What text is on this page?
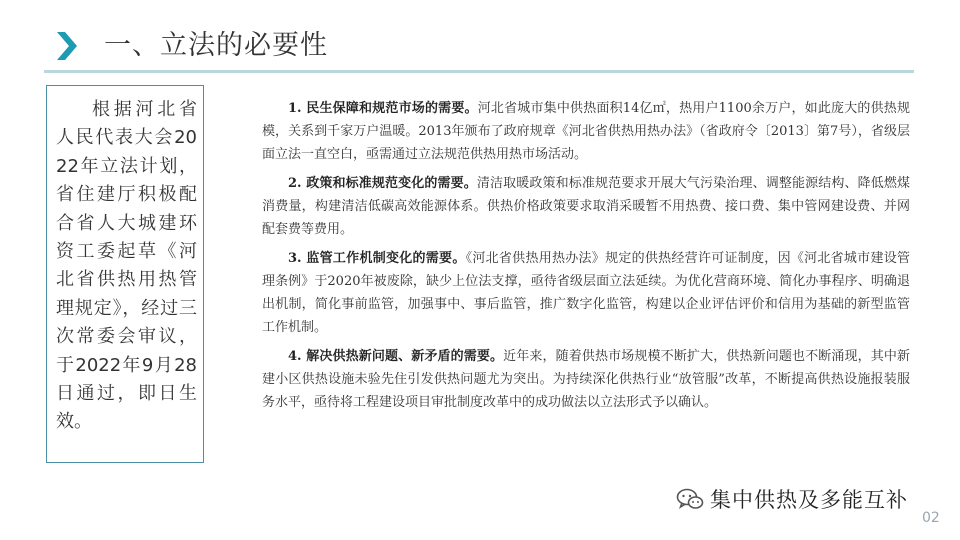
一、立法的必要性
根据河北省人民代表大会2022年立法计划，省住建厅积极配合省人大城建环资工委起草《河北省供热用热管理规定》，经过三次常委会审议，于2022年9月28日通过，即日生效。

1. 民生保障和规范市场的需要。河北省城市集中供热面积14亿㎡，热用户1100余万户，如此庞大的供热规模，关系到千家万户温暖。2013年颁布了政府规章《河北省供热用热办法》（省政府令〔2013〕第7号），省级层面立法一直空白，亟需通过立法规范供热用热市场活动。

2. 政策和标准规范变化的需要。清洁取暖政策和标准规范要求开展大气污染治理、调整能源结构、降低燃煤消费量，构建清洁低碳高效能源体系。供热价格政策要求取消采暖暂不用热费、接口费、集中管网建设费、并网配套费等费用。

3. 监管工作机制变化的需要。《河北省供热用热办法》规定的供热经营许可证制度，因《河北省城市建设管理条例》于2020年被废除，缺少上位法支撑，亟待省级层面立法延续。为优化营商环境、简化办事程序、明确退出机制，简化事前监管，加强事中、事后监管，推广数字化监管，构建以企业评估评价和信用为基础的新型监管工作机制。

4. 解决供热新问题、新矛盾的需要。近年来，随着供热市场规模不断扩大，供热新问题也不断涌现，其中新建小区供热设施未验先住引发供热问题尤为突出。为持续深化供热行业“放管服”改革，不断提高供热设施报装服务水平，亟待将工程建设项目审批制度改革中的成功做法以立法形式予以确认。

集中供热及多能互补
02
